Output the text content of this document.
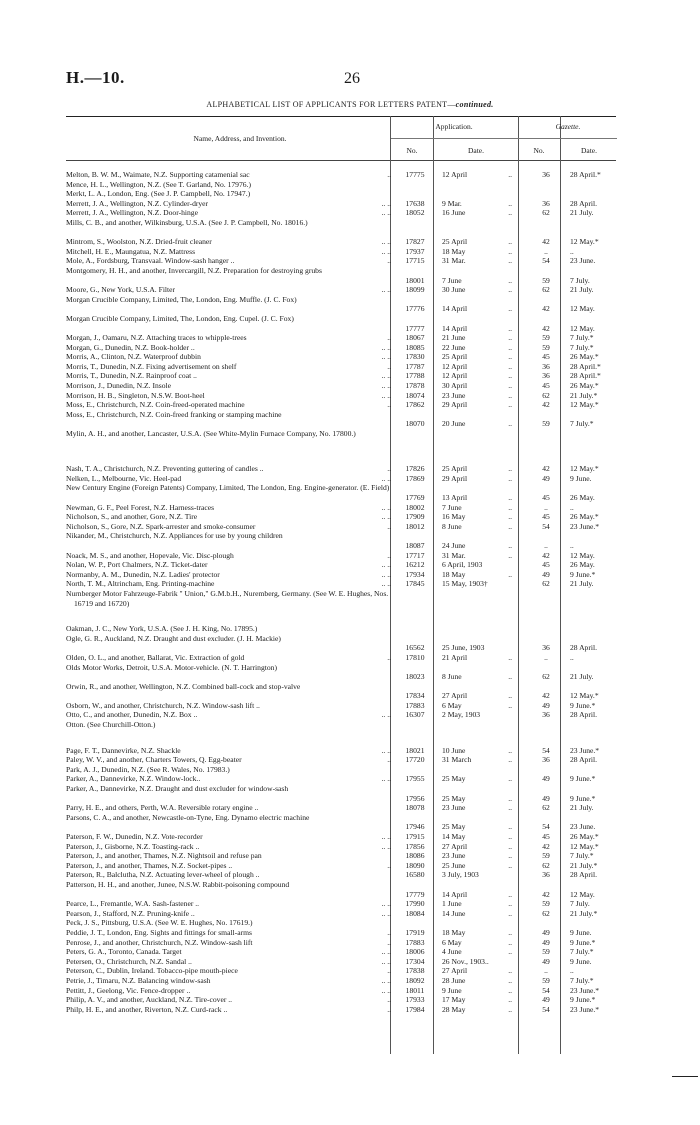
H.—10.	26
ALPHABETICAL LIST OF APPLICANTS FOR LETTERS PATENT—continued.
Name, Address, and Invention.
Application.	Gazette.
No.	Date.	No.	Date.
Melton, B. W. M., Waimate, N.Z. Supporting catamenial sac	..	17775	12 April	..	36	28 April.*
Mence, H. L., Wellington, N.Z. (See T. Garland, No. 17976.)
Merkt, L. A., London, Eng. (See J. P. Campbell, No. 17947.)
Merrett, J. A., Wellington, N.Z. Cylinder-dryer	.. ..	17638	9 Mar.	..	36	28 April.
Merrett, J. A., Wellington, N.Z. Door-hinge	.. ..	18052	16 June	..	62	21 July.
Mills, C. B., and another, Wilkinsburg, U.S.A. (See J. P. Campbell, No. 18016.)
Mintrom, S., Woolston, N.Z. Dried-fruit cleaner	.. ..	17827	25 April	..	42	12 May.*
Mitchell, H. E., Maungatua, N.Z. Mattress	.. ..	17937	18 May	..	..	..
Mole, A., Fordsburg, Transvaal. Window-sash hanger ..	..	17715	31 Mar.	..	54	23 June.
Montgomery, H. H., and another, Invercargill, N.Z. Preparation for destroying grubs
18001	7 June	..	59	7 July.
Moore, G., New York, U.S.A. Filter	.. ..	18099	30 June	..	62	21 July.
Morgan Crucible Company, Limited, The, London, Eng. Muffle. (J. C. Fox)
17776	14 April	..	42	12 May.
Morgan Crucible Company, Limited, The, London, Eng. Cupel. (J. C. Fox)
17777	14 April	..	42	12 May.
Morgan, J., Oamaru, N.Z. Attaching traces to whipple-trees	..	18067	21 June	..	59	7 July.*
Morgan, G., Dunedin, N.Z. Book-holder ..	.. ..	18085	22 June	..	59	7 July.*
Morris, A., Clinton, N.Z. Waterproof dubbin	.. ..	17830	25 April	..	45	26 May.*
Morris, T., Dunedin, N.Z. Fixing advertisement on shelf	..	17787	12 April	..	36	28 April.*
Morris, T., Dunedin, N.Z. Rainproof coat ..	.. ..	17788	12 April	..	36	28 April.*
Morrison, J., Dunedin, N.Z. Insole	.. ..	17878	30 April	..	45	26 May.*
Morrison, H. B., Singleton, N.S.W. Boot-heel	.. ..	18074	23 June	..	62	21 July.*
Moss, E., Christchurch, N.Z. Coin-freed-operated machine	..	17862	29 April	..	42	12 May.*
Moss, E., Christchurch, N.Z. Coin-freed franking or stamping machine
18070	20 June	..	59	7 July.*
Mylin, A. H., and another, Lancaster, U.S.A. (See White-Mylin Furnace Company, No. 17800.)
Nash, T. A., Christchurch, N.Z. Preventing guttering of candles ..	..	17826	25 April	..	42	12 May.*
Nelken, L., Melbourne, Vic. Heel-pad	.. ..	17869	29 April	..	49	9 June.
New Century Engine (Foreign Patents) Company, Limited, The London, Eng. Engine-generator. (E. Field)
17769	13 April	..	45	26 May.
Newman, G. F., Peel Forest, N.Z. Harness-traces	.. ..	18002	7 June	..	..	..
Nicholson, S., and another, Gore, N.Z. Tire	.. ..	17909	16 May	..	45	26 May.*
Nicholson, S., Gore, N.Z. Spark-arrester and smoke-consumer	..	18012	8 June	..	54	23 June.*
Nikander, M., Christchurch, N.Z. Appliances for use by young children
18087	24 June	..	..	..
Noack, M. S., and another, Hopevale, Vic. Disc-plough	..	17717	31 Mar.	..	42	12 May.
Nolan, W. P., Port Chalmers, N.Z. Ticket-dater	.. ..	16212	6 April, 1903	45	26 May.
Normanby, A. M., Dunedin, N.Z. Ladies' protector	.. ..	17934	18 May	..	49	9 June.*
North, T. M., Altrincham, Eng. Printing-machine	.. ..	17845	15 May, 1903†	62	21 July.
Nurnberger Motor Fahrzeuge-Fabrik " Union," G.M.b.H., Nuremberg, Germany. (See W. E. Hughes, Nos. 16719 and 16720)
Oakman, J. C., New York, U.S.A. (See J. H. King, No. 17895.)
Ogle, G. R., Auckland, N.Z. Draught and dust excluder. (J. H. Mackie)
16562	25 June, 1903	36	28 April.
Olden, O. L., and another, Ballarat, Vic. Extraction of gold	..	17810	21 April	..	..	..
Olds Motor Works, Detroit, U.S.A. Motor-vehicle. (N. T. Harrington)
18023	8 June	..	62	21 July.
Orwin, R., and another, Wellington, N.Z. Combined ball-cock and stop-valve
17834	27 April	..	42	12 May.*
Osborn, W., and another, Christchurch, N.Z. Window-sash lift ..	17883	6 May	..	49	9 June.*
Otto, C., and another, Dunedin, N.Z. Box ..	.. ..	16307	2 May, 1903	36	28 April.
Otton. (See Churchill-Otton.)
Page, F. T., Dannevirke, N.Z. Shackle	.. ..	18021	10 June	..	54	23 June.*
Paley, W. V., and another, Charters Towers, Q. Egg-beater	..	17720	31 March	..	36	28 April.
Park, A. J., Dunedin, N.Z. (See R. Wales, No. 17983.)
Parker, A., Dannevirke, N.Z. Window-lock..	.. ..	17955	25 May	..	49	9 June.*
Parker, A., Dannevirke, N.Z. Draught and dust excluder for window-sash
17956	25 May	..	49	9 June.*
Parry, H. E., and others, Perth, W.A. Reversible rotary engine ..	18078	23 June	..	62	21 July.
Parsons, C. A., and another, Newcastle-on-Tyne, Eng. Dynamo electric machine
17946	25 May	..	54	23 June.
Paterson, F. W., Dunedin, N.Z. Vote-recorder	.. ..	17915	14 May	..	45	26 May.*
Paterson, J., Gisborne, N.Z. Toasting-rack ..	.. ..	17856	27 April	..	42	12 May.*
Paterson, J., and another, Thames, N.Z. Nightsoil and refuse pan	18086	23 June	..	59	7 July.*
Paterson, J., and another, Thames, N.Z. Socket-pipes ..	..	18090	25 June	..	62	21 July.*
Paterson, R., Balclutha, N.Z. Actuating lever-wheel of plough ..	16580	3 July, 1903	36	28 April.
Patterson, H. H., and another, Junee, N.S.W. Rabbit-poisoning compound
17779	14 April	..	42	12 May.
Pearce, L., Fremantle, W.A. Sash-fastener ..	.. ..	17990	1 June	..	59	7 July.
Pearson, J., Stafford, N.Z. Pruning-knife ..	.. ..	18084	14 June	..	62	21 July.*
Peck, J. S., Pittsburg, U.S.A. (See W. E. Hughes, No. 17619.)
Peddie, J. T., London, Eng. Sights and fittings for small-arms	..	17919	18 May	..	49	9 June.
Penrose, J., and another, Christchurch, N.Z. Window-sash lift	..	17883	6 May	..	49	9 June.*
Peters, G. A., Toronto, Canada. Target	.. ..	18006	4 June	..	59	7 July.*
Petersen, O., Christchurch, N.Z. Sandal ..	.. ..	17304	26 Nov., 1903..	49	9 June.
Peterson, C., Dublin, Ireland. Tobacco-pipe mouth-piece	..	17838	27 April	..	..	..
Petrie, J., Timaru, N.Z. Balancing window-sash	.. ..	18092	28 June	..	59	7 July.*
Pettitt, J., Geelong, Vic. Fence-dropper ..	.. ..	18011	9 June	..	54	23 June.*
Philip, A. V., and another, Auckland, N.Z. Tire-cover ..	..	17933	17 May	..	49	9 June.*
Philp, H. E., and another, Riverton, N.Z. Curd-rack ..	..	17984	28 May	..	54	23 June.*
